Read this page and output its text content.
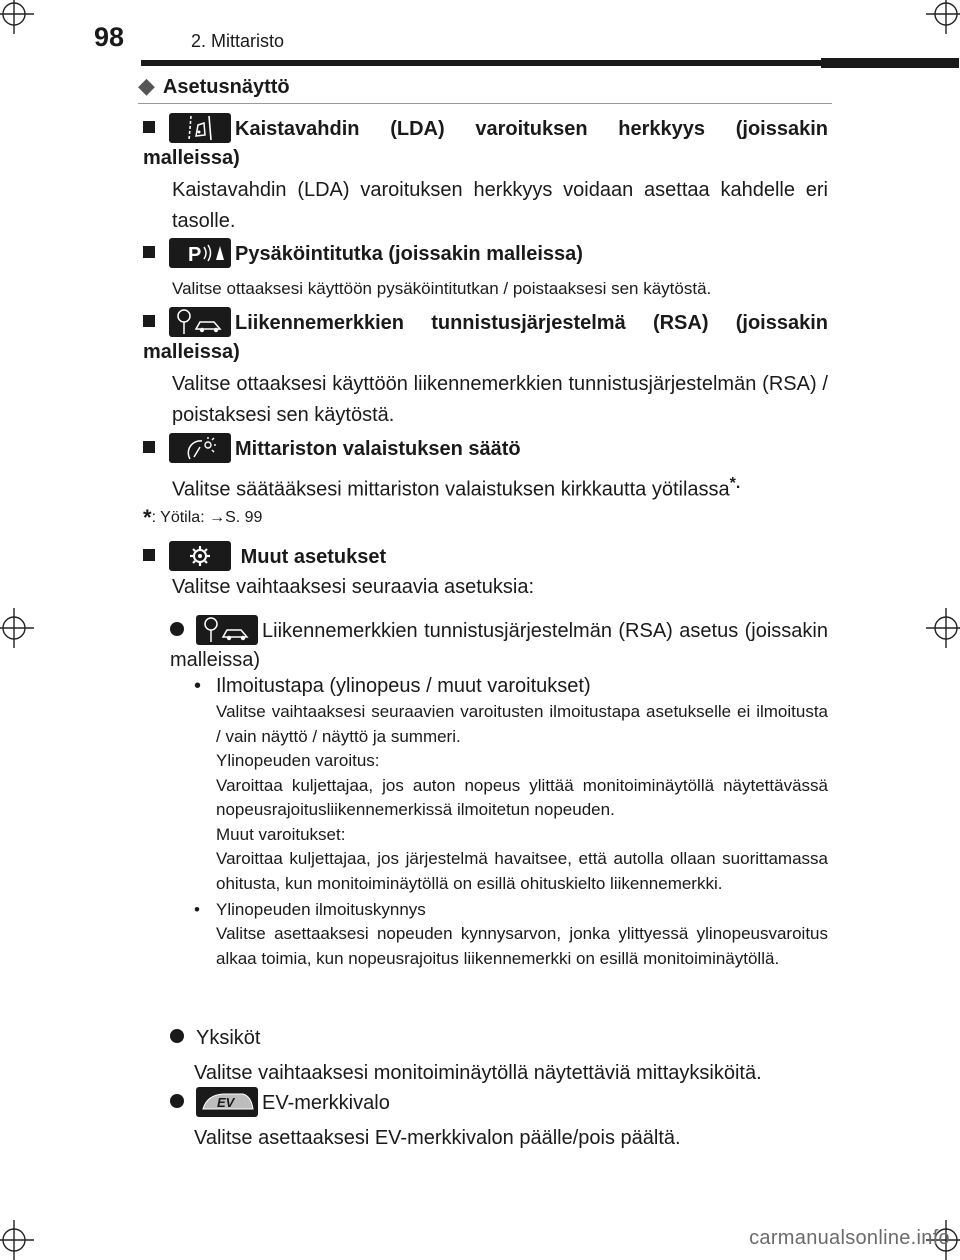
98	2. Mittaristo
◆ Asetusnäyttö
Kaistavahdin (LDA) varoituksen herkkyys (joissakin malleissa)
Kaistavahdin (LDA) varoituksen herkkyys voidaan asettaa kahdelle eri tasolle.
P Pysäköintitutka (joissakin malleissa)
Valitse ottaaksesi käyttöön pysäköintitutkan / poistaaksesi sen käytöstä.
Liikennemerkkien tunnistusjärjestelmä (RSA) (joissakin malleissa)
Valitse ottaaksesi käyttöön liikennemerkkien tunnistusjärjestelmän (RSA) / poistaksesi sen käytöstä.
Mittariston valaistuksen säätö
Valitse säätääksesi mittariston valaistuksen kirkkautta yötilassa*.
*: Yötila: →S. 99
Muut asetukset
Valitse vaihtaaksesi seuraavia asetuksia:
Liikennemerkkien tunnistusjärjestelmän (RSA) asetus (joissakin malleissa)
• Ilmoitustapa (ylinopeus / muut varoitukset)
Valitse vaihtaaksesi seuraavien varoitusten ilmoitustapa asetukselle ei ilmoitusta / vain näyttö / näyttö ja summeri.
Ylinopeuden varoitus:
Varoittaa kuljettajaa, jos auton nopeus ylittää monitoiminäytöllä näytettävässä nopeusrajoitusliikennemerkissä ilmoitetun nopeuden.
Muut varoitukset:
Varoittaa kuljettajaa, jos järjestelmä havaitsee, että autolla ollaan suorittamassa ohitusta, kun monitoiminäytöllä on esillä ohituskielto liikennemerkki.
• Ylinopeuden ilmoituskynnys
Valitse asettaaksesi nopeuden kynnysarvon, jonka ylittyessä ylinopeusvaroitus alkaa toimia, kun nopeusrajoitus liikennemerkki on esillä monitoiminäytöllä.
Yksiköt
Valitse vaihtaaksesi monitoiminäytöllä näytettäviä mittayksiköitä.
EV EV-merkkivalo
Valitse asettaaksesi EV-merkkivalon päälle/pois päältä.
carmanualsonline.info
